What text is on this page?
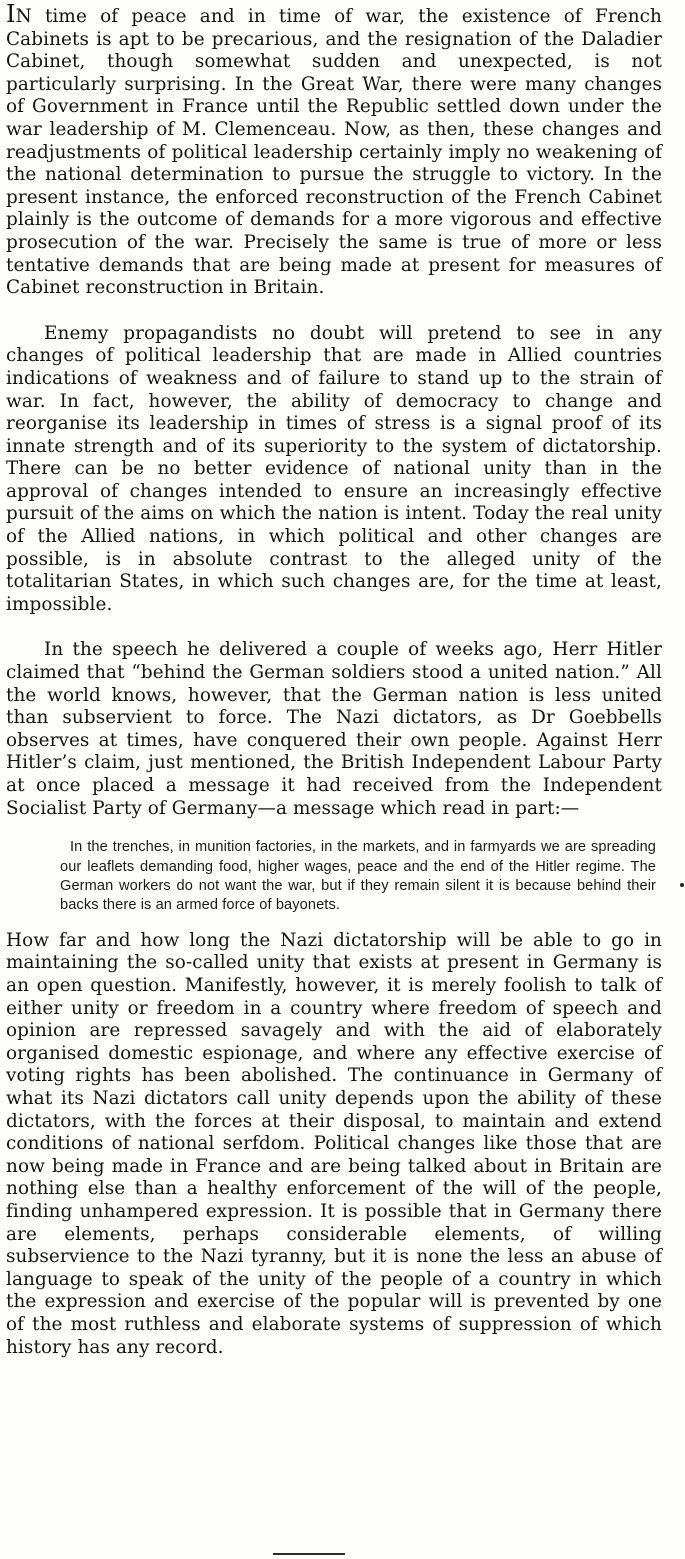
IN time of peace and in time of war, the existence of French Cabinets is apt to be precarious, and the resignation of the Daladier Cabinet, though somewhat sudden and unexpected, is not particularly surprising. In the Great War, there were many changes of Government in France until the Republic settled down under the war leadership of M. Clemenceau. Now, as then, these changes and readjustments of political leadership certainly imply no weakening of the national determination to pursue the struggle to victory. In the present instance, the enforced reconstruction of the French Cabinet plainly is the outcome of demands for a more vigorous and effective prosecution of the war. Precisely the same is true of more or less tentative demands that are being made at present for measures of Cabinet reconstruction in Britain.

Enemy propagandists no doubt will pretend to see in any changes of political leadership that are made in Allied countries indications of weakness and of failure to stand up to the strain of war. In fact, however, the ability of democracy to change and reorganise its leadership in times of stress is a signal proof of its innate strength and of its superiority to the system of dictatorship. There can be no better evidence of national unity than in the approval of changes intended to ensure an increasingly effective pursuit of the aims on which the nation is intent. Today the real unity of the Allied nations, in which political and other changes are possible, is in absolute contrast to the alleged unity of the totalitarian States, in which such changes are, for the time at least, impossible.

In the speech he delivered a couple of weeks ago, Herr Hitler claimed that “behind the German soldiers stood a united nation.” All the world knows, however, that the German nation is less united than subservient to force. The Nazi dictators, as Dr Goebbells observes at times, have conquered their own people. Against Herr Hitler’s claim, just mentioned, the British Independent Labour Party at once placed a message it had received from the Independent Socialist Party of Germany—a message which read in part:—

In the trenches, in munition factories, in the markets, and in farmyards we are spreading our leaflets demanding food, higher wages, peace and the end of the Hitler regime. The German workers do not want the war, but if they remain silent it is because behind their backs there is an armed force of bayonets.

How far and how long the Nazi dictatorship will be able to go in maintaining the so-called unity that exists at present in Germany is an open question. Manifestly, however, it is merely foolish to talk of either unity or freedom in a country where freedom of speech and opinion are repressed savagely and with the aid of elaborately organised domestic espionage, and where any effective exercise of voting rights has been abolished. The continuance in Germany of what its Nazi dictators call unity depends upon the ability of these dictators, with the forces at their disposal, to maintain and extend conditions of national serfdom. Political changes like those that are now being made in France and are being talked about in Britain are nothing else than a healthy enforcement of the will of the people, finding unhampered expression. It is possible that in Germany there are elements, perhaps considerable elements, of willing subservience to the Nazi tyranny, but it is none the less an abuse of language to speak of the unity of the people of a country in which the expression and exercise of the popular will is prevented by one of the most ruthless and elaborate systems of suppression of which history has any record.
